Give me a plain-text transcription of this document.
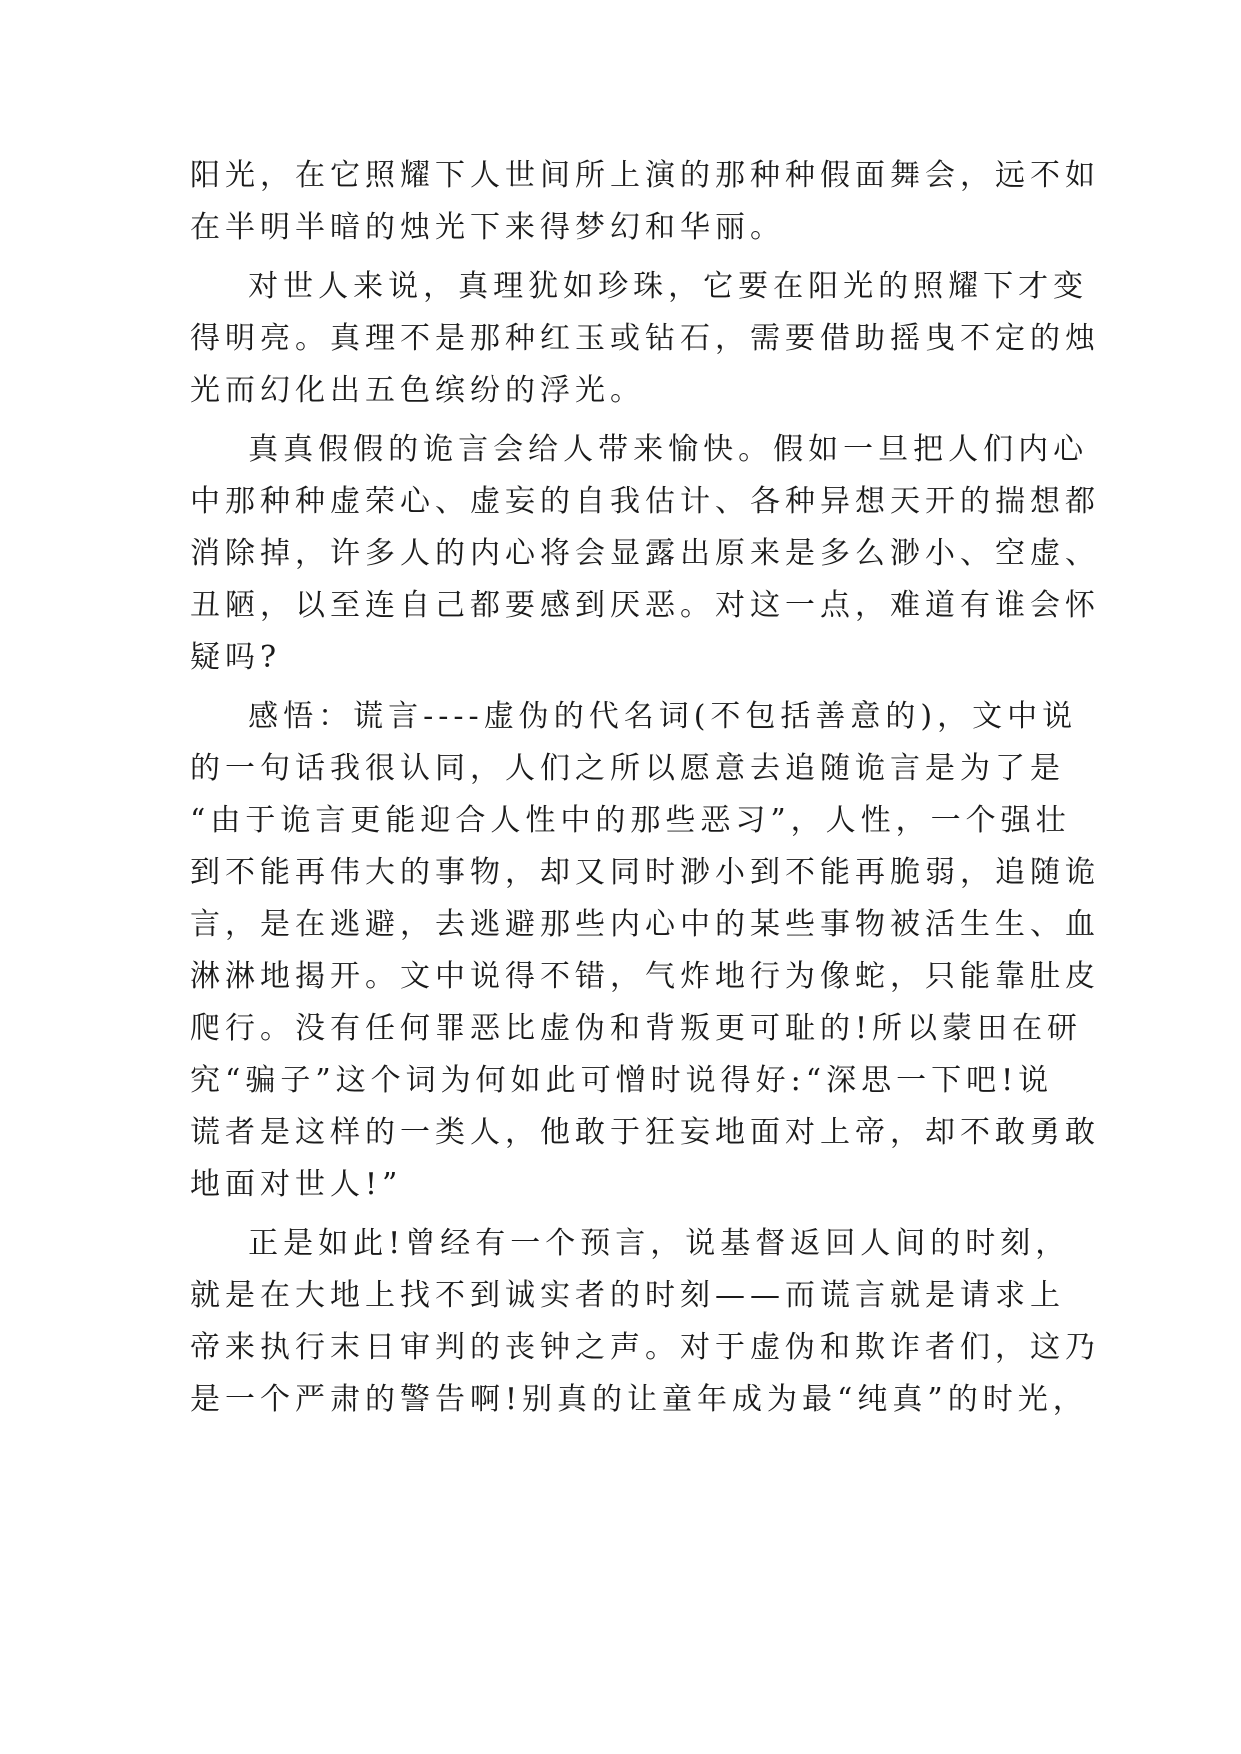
阳光，在它照耀下人世间所上演的那种种假面舞会，远不如
在半明半暗的烛光下来得梦幻和华丽。
对世人来说，真理犹如珍珠，它要在阳光的照耀下才变
得明亮。真理不是那种红玉或钻石，需要借助摇曳不定的烛
光而幻化出五色缤纷的浮光。
真真假假的诡言会给人带来愉快。假如一旦把人们内心
中那种种虚荣心、虚妄的自我估计、各种异想天开的揣想都
消除掉，许多人的内心将会显露出原来是多么渺小、空虚、
丑陋，以至连自己都要感到厌恶。对这一点，难道有谁会怀
疑吗?
感悟：谎言----虚伪的代名词(不包括善意的)，文中说
的一句话我很认同，人们之所以愿意去追随诡言是为了是
“由于诡言更能迎合人性中的那些恶习”，人性，一个强壮
到不能再伟大的事物，却又同时渺小到不能再脆弱，追随诡
言，是在逃避，去逃避那些内心中的某些事物被活生生、血
淋淋地揭开。文中说得不错，气炸地行为像蛇，只能靠肚皮
爬行。没有任何罪恶比虚伪和背叛更可耻的!所以蒙田在研
究“骗子”这个词为何如此可憎时说得好:“深思一下吧!说
谎者是这样的一类人，他敢于狂妄地面对上帝，却不敢勇敢
地面对世人!”
正是如此!曾经有一个预言，说基督返回人间的时刻，
就是在大地上找不到诚实者的时刻——而谎言就是请求上
帝来执行末日审判的丧钟之声。对于虚伪和欺诈者们，这乃
是一个严肃的警告啊!别真的让童年成为最“纯真”的时光，
